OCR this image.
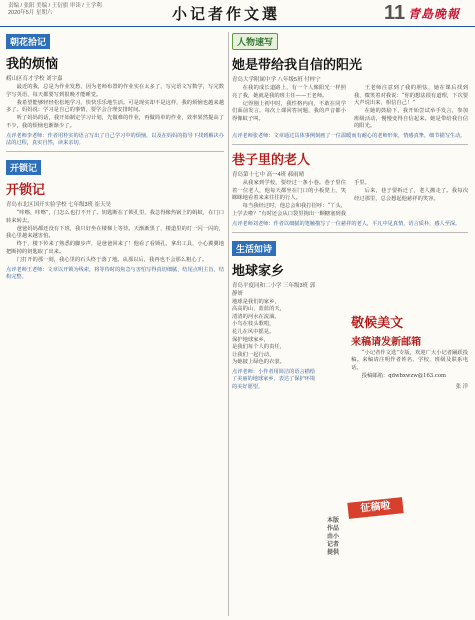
责编 / 张阳 美编 / 王衍旗 审读 / 王学利
2020年5月 星期六	小记者作文選	11 青島晚報
朝花拾记
我的烦恼
崂山区育才学校 刘宇嘉

最近的我，总是为作业发愁，因为老师布置的作业实在太多了，写完语文写数学，写完数学写英语，每天都要写到很晚才能睡觉。

我希望能够轻轻松松地学习，快快乐乐地生活。可是现实却不是这样，我的烦恼也越来越多了。妈妈说：学习是自己的事情，要学会合理安排时间。

听了妈妈的话，我开始制定学习计划，先做难的作业，再做简单的作业，效率果然提高了不少，我的烦恼也渐渐少了。

点评老师李老师：作者用朴实的语言写出了自己学习中的烦恼，以及在妈妈的指导下找到解决办法的过程，真实自然，读来亲切。
开锁记
开锁记
青岛市北区国开实验学校 七年级3班 崔天昊

“咔嚓，咔嚓”，门怎么也打不开了。钥匙断在了锁孔里，我急得像热锅上的蚂蚁，在门口转来转去。

爸爸妈妈都还没有下班，我只好坐在楼梯上等待。天渐渐黑了，楼道里的灯一闪一闪的，我心里越来越害怕。

终于，楼下传来了熟悉的脚步声，是爸爸回来了！他看了看锁孔，拿出工具，小心翼翼地把断掉的钥匙取了出来。

门打开的那一刻，我心里的石头终于落了地。从那以后，我再也不会那么粗心了。

点评老师王老师：文章以开锁为线索，将等待时的焦急与害怕写得真切细腻，结尾点明主旨，结构完整。
人物速写
她是带给我自信的阳光
青岛大学附属中学 八年级5班 付梓宁

在我的成长道路上，有一个人像阳光一样照亮了我，她就是我的班主任——王老师。

记得刚上初中时，我性格内向，不敢在同学们面前发言。每次上课回答问题，我的声音都小得像蚊子叫。

王老师注意到了我的胆怯，她在课后找到我，微笑着对我说：“你的想法很有道理，下次要大声说出来，相信自己！”

在她的鼓励下，我开始尝试举手发言，参加班级活动，慢慢变得自信起来。她是带给我自信的阳光。

点评老师张老师：文章通过具体事例刻画了一位温暖而有耐心的老师形象，情感真挚，细节描写生动。
巷子里的老人
青岛第十七中 高一4班 郝雨晴

从我家到学校，要经过一条小巷。巷子里住着一位老人，他每天都坐在门口的小板凳上，笑眯眯地看着来来往往的行人。

每当我经过时，他总会和我打招呼：“丫头，上学去啦？”有时还会从口袋里掏出一颗糖塞到我手里。

后来，巷子要拆迁了，老人搬走了。我每次经过那里，总会想起他慈祥的笑容。

点评老师刘老师：作者以细腻的笔触描写了一位慈祥的老人，平凡中见真情，语言质朴，感人至深。
生活如诗
地球家乡
青岛平度同和二小学 三年级3班 郭静妍
地球是我们的家乡，
高高的山，蓝蓝的天，
清清的河水在流淌。
小鸟在枝头歌唱，
花儿在风中摇晃。
保护地球家乡，
是我们每个人的责任，
让我们一起行动，
为她披上绿色的衣裳。
点评老师：小作者用简洁的语言描绘了美丽的地球家乡，表达了保护环境的美好愿望。
敬候美文
来稿请发新邮箱

“小记者作文选”专版，欢迎广大小记者踊跃投稿。来稿请注明作者姓名、学校、班级及联系电话。

投稿邮箱：qdwbxwzw@163.com

张 洋
本版作品由小记者提供
征稿啦
